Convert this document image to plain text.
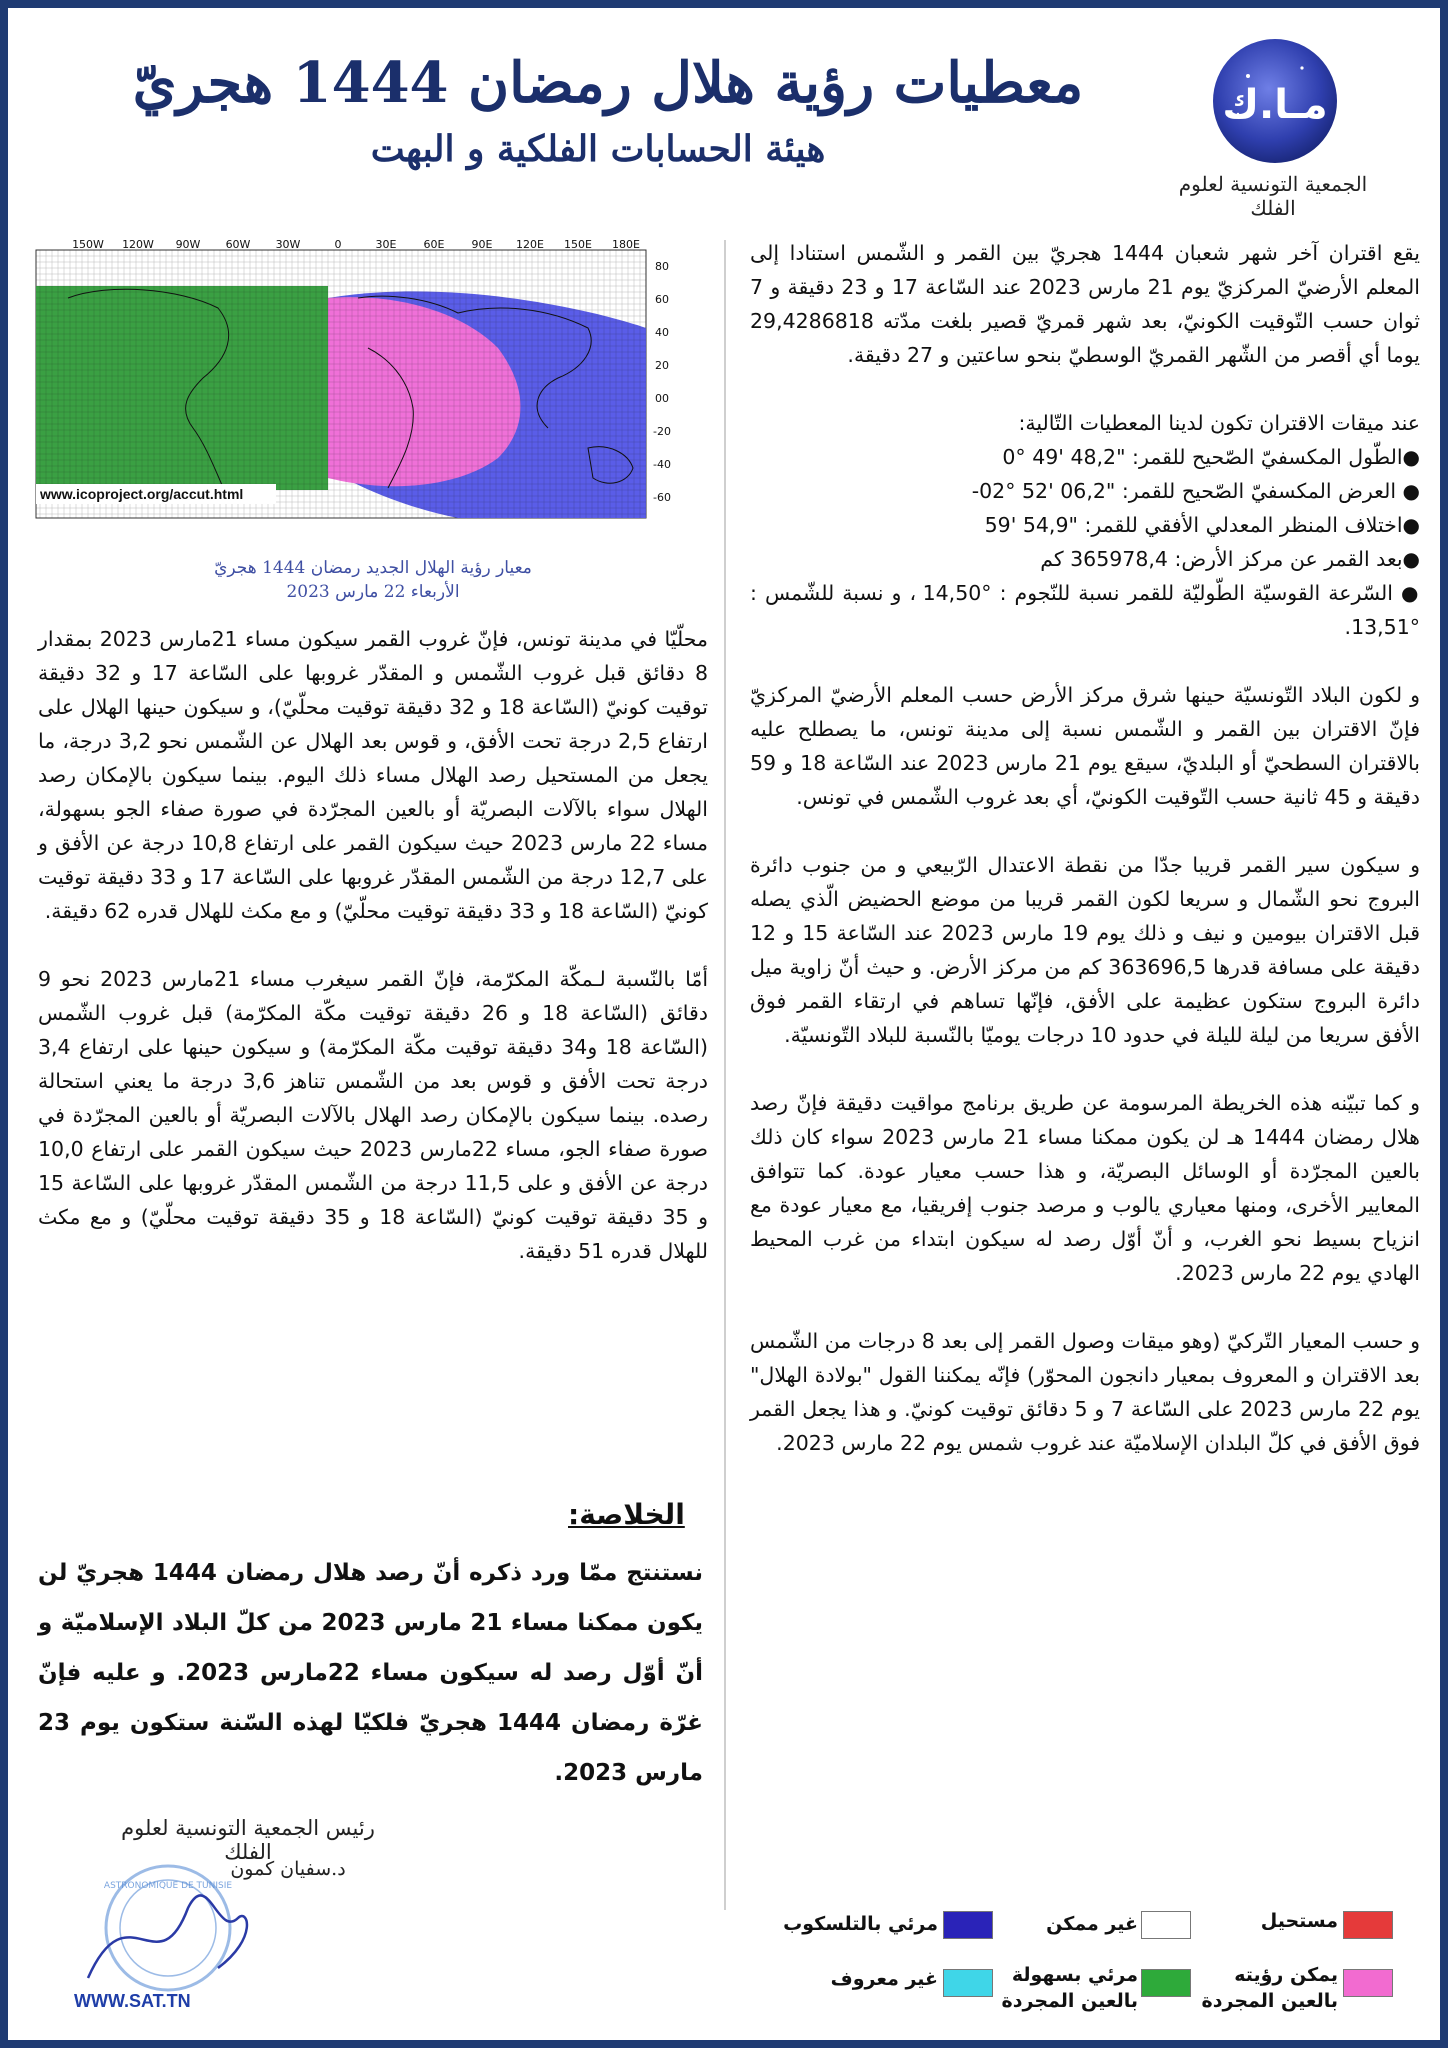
مـا.ك
الجمعية التونسية لعلوم الفلك
معطيات رؤية هلال رمضان 1444 هجريّ
هيئة الحسابات الفلكية و البهت
150W 120W 90W 60W 30W	0	30E 60E 90E 120E 150E 180E
80
60
40
20
00
-20
-40
-60
www.icoproject.org/accut.html
معيار رؤية الهلال الجديد رمضان 1444 هجريّ
الأربعاء 22 مارس 2023

يقع اقتران آخر شهر شعبان 1444 هجريّ بين القمر و الشّمس استنادا إلى المعلم الأرضيّ المركزيّ يوم 21 مارس 2023 عند السّاعة 17 و 23 دقيقة و 7 ثوان حسب التّوقيت الكونيّ، بعد شهر قمريّ قصير بلغت مدّته 29,4286818 يوما أي أقصر من الشّهر القمريّ الوسطيّ بنحو ساعتين و 27 دقيقة.

عند ميقات الاقتران تكون لدينا المعطيات التّالية:

●الطّول المكسفيّ الصّحيح للقمر: "48,2 '49 °0
● العرض المكسفيّ الصّحيح للقمر: "06,2 '52 °02-
●اختلاف المنظر المعدلي الأفقي للقمر: "54,9 '59
●بعد القمر عن مركز الأرض: 365978,4 كم
● السّرعة القوسيّة الطّوليّة للقمر نسبة للنّجوم : °14,50 ، و نسبة للشّمس :°13,51.

و لكون البلاد التّونسيّة حينها شرق مركز الأرض حسب المعلم الأرضيّ المركزيّ فإنّ الاقتران بين القمر و الشّمس نسبة إلى مدينة تونس، ما يصطلح عليه بالاقتران السطحيّ أو البلديّ، سيقع يوم 21 مارس 2023 عند السّاعة 18 و 59 دقيقة و 45 ثانية حسب التّوقيت الكونيّ، أي بعد غروب الشّمس في تونس.

و سيكون سير القمر قريبا جدّا من نقطة الاعتدال الرّبيعي و من جنوب دائرة البروج نحو الشّمال و سريعا لكون القمر قريبا من موضع الحضيض الّذي يصله قبل الاقتران بيومين و نيف و ذلك يوم 19 مارس 2023 عند السّاعة 15 و 12 دقيقة على مسافة قدرها 363696,5 كم من مركز الأرض. و حيث أنّ زاوية ميل دائرة البروج ستكون عظيمة على الأفق، فإنّها تساهم في ارتقاء القمر فوق الأفق سريعا من ليلة لليلة في حدود 10 درجات يوميّا بالنّسبة للبلاد التّونسيّة.

و كما تبيّنه هذه الخريطة المرسومة عن طريق برنامج مواقيت دقيقة فإنّ رصد هلال رمضان 1444 هـ لن يكون ممكنا مساء 21 مارس 2023 سواء كان ذلك بالعين المجرّدة أو الوسائل البصريّة، و هذا حسب معيار عودة. كما تتوافق المعايير الأخرى، ومنها معياري يالوب و مرصد جنوب إفريقيا، مع معيار عودة مع انزياح بسيط نحو الغرب، و أنّ أوّل رصد له سيكون ابتداء من غرب المحيط الهادي يوم 22 مارس 2023.

و حسب المعيار التّركيّ (وهو ميقات وصول القمر إلى بعد 8 درجات من الشّمس بعد الاقتران و المعروف بمعيار دانجون المحوّر) فإنّه يمكننا القول "بولادة الهلال" يوم 22 مارس 2023 على السّاعة 7 و 5 دقائق توقيت كونيّ. و هذا يجعل القمر فوق الأفق في كلّ البلدان الإسلاميّة عند غروب شمس يوم 22 مارس 2023.

محلّيّا في مدينة تونس، فإنّ غروب القمر سيكون مساء 21مارس 2023 بمقدار 8 دقائق قبل غروب الشّمس و المقدّر غروبها على السّاعة 17 و 32 دقيقة توقيت كونيّ (السّاعة 18 و 32 دقيقة توقيت محلّيّ)، و سيكون حينها الهلال على ارتفاع 2,5 درجة تحت الأفق، و قوس بعد الهلال عن الشّمس نحو 3,2 درجة، ما يجعل من المستحيل رصد الهلال مساء ذلك اليوم. بينما سيكون بالإمكان رصد الهلال سواء بالآلات البصريّة أو بالعين المجرّدة في صورة صفاء الجو بسهولة، مساء 22 مارس 2023 حيث سيكون القمر على ارتفاع 10,8 درجة عن الأفق و على 12,7 درجة من الشّمس المقدّر غروبها على السّاعة 17 و 33 دقيقة توقيت كونيّ (السّاعة 18 و 33 دقيقة توقيت محلّيّ) و مع مكث للهلال قدره 62 دقيقة.

أمّا بالنّسبة لـمكّة المكرّمة، فإنّ القمر سيغرب مساء 21مارس 2023 نحو 9 دقائق (السّاعة 18 و 26 دقيقة توقيت مكّة المكرّمة) قبل غروب الشّمس (السّاعة 18 و34 دقيقة توقيت مكّة المكرّمة) و سيكون حينها على ارتفاع 3,4 درجة تحت الأفق و قوس بعد من الشّمس تناهز 3,6 درجة ما يعني استحالة رصده. بينما سيكون بالإمكان رصد الهلال بالآلات البصريّة أو بالعين المجرّدة في صورة صفاء الجو، مساء 22مارس 2023 حيث سيكون القمر على ارتفاع 10,0 درجة عن الأفق و على 11,5 درجة من الشّمس المقدّر غروبها على السّاعة 15 و 35 دقيقة توقيت كونيّ (السّاعة 18 و 35 دقيقة توقيت محلّيّ) و مع مكث للهلال قدره 51 دقيقة.

الخلاصة:
نستنتج ممّا ورد ذكره أنّ رصد هلال رمضان 1444 هجريّ لن يكون ممكنا مساء 21 مارس 2023 من كلّ البلاد الإسلاميّة و أنّ أوّل رصد له سيكون مساء 22مارس 2023. و عليه فإنّ غرّة رمضان 1444 هجريّ فلكيّا لهذه السّنة ستكون يوم 23 مارس 2023.
رئيس الجمعية التونسية لعلوم الفلك
د.سفيان كمون
ASTRONOMIQUE DE TUNISIE
WWW.SAT.TN
مستحيل
غير ممكن
مرئي بالتلسكوب
يمكن رؤيته بالعين المجردة
مرئي بسهولة بالعين المجردة
غير معروف
